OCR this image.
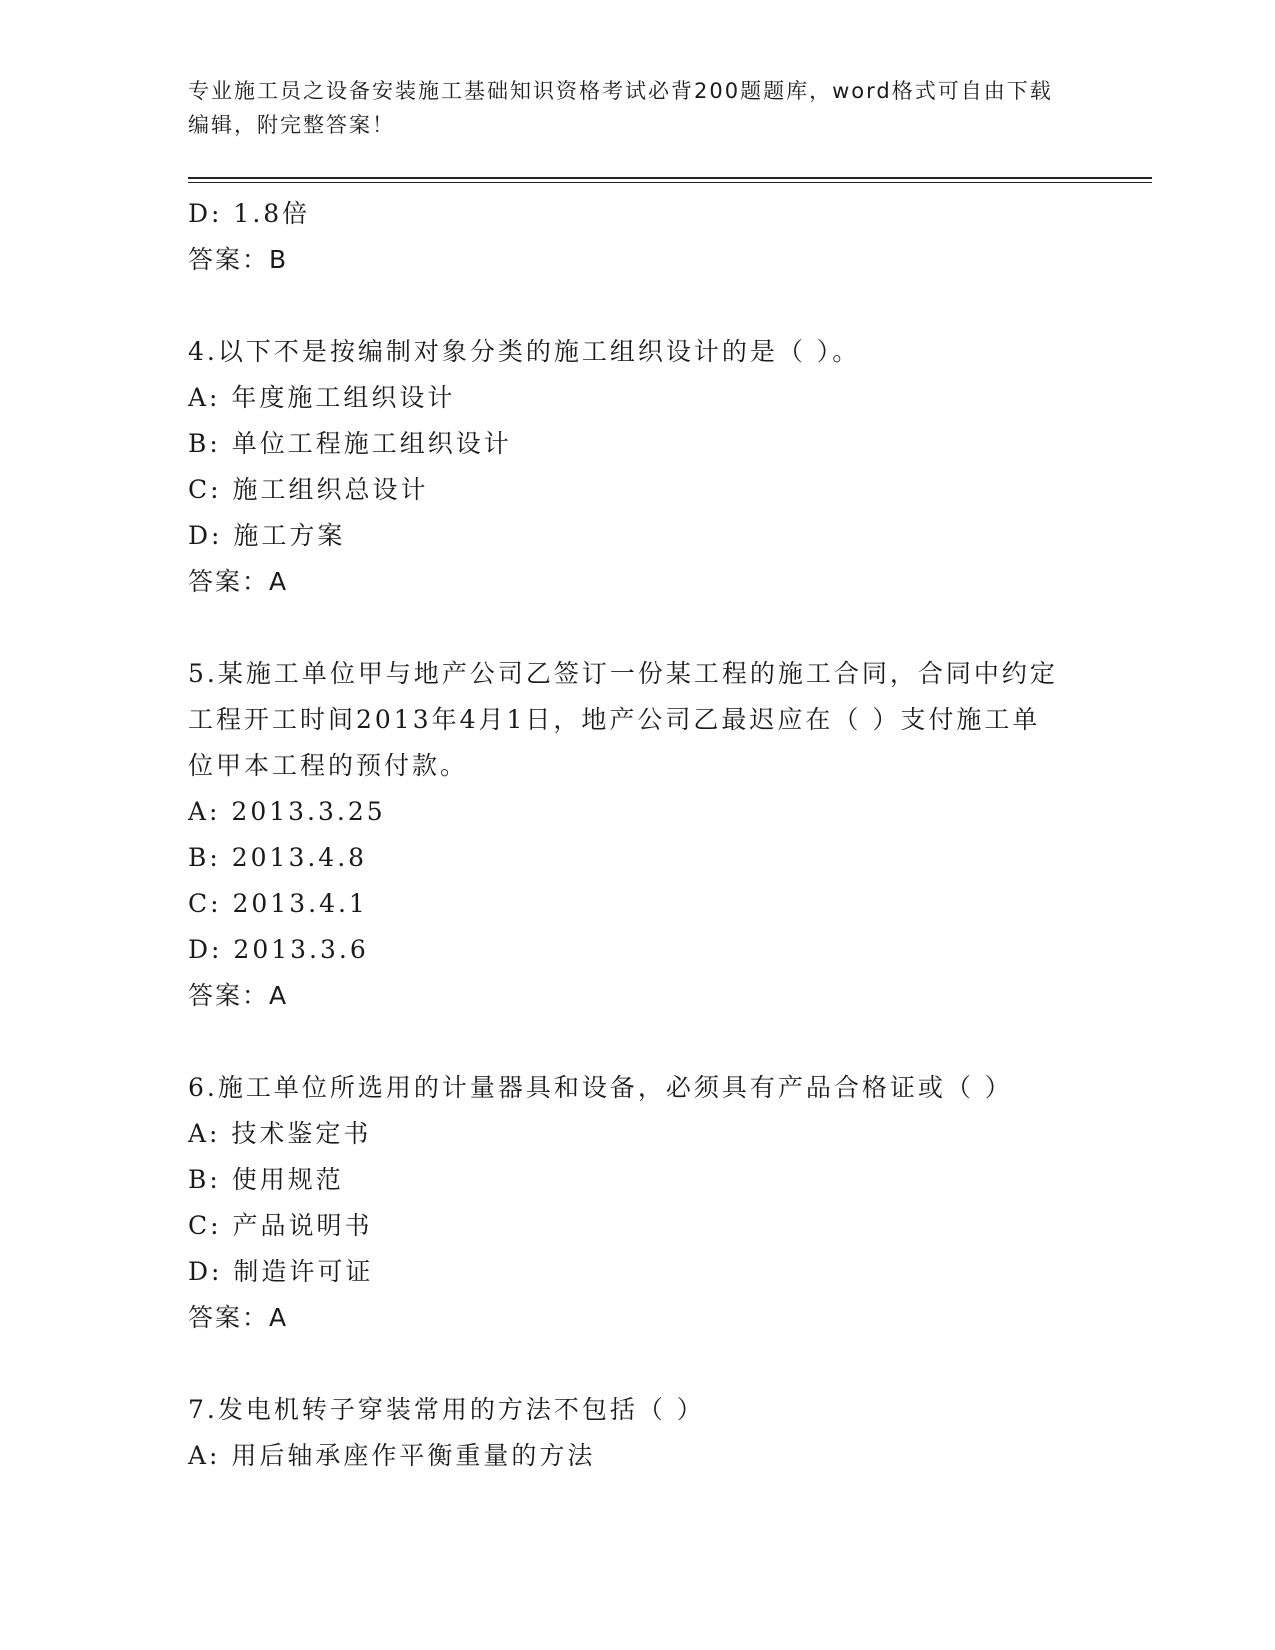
专业施工员之设备安装施工基础知识资格考试必背200题题库，word格式可自由下载编辑，附完整答案！
D: 1.8倍
答案：B
4.以下不是按编制对象分类的施工组织设计的是（ ）。
A: 年度施工组织设计
B: 单位工程施工组织设计
C: 施工组织总设计
D: 施工方案
答案：A
5.某施工单位甲与地产公司乙签订一份某工程的施工合同，合同中约定工程开工时间2013年4月1日，地产公司乙最迟应在（ ）支付施工单位甲本工程的预付款。
A: 2013.3.25
B: 2013.4.8
C: 2013.4.1
D: 2013.3.6
答案：A
6.施工单位所选用的计量器具和设备，必须具有产品合格证或（ ）
A: 技术鉴定书
B: 使用规范
C: 产品说明书
D: 制造许可证
答案：A
7.发电机转子穿装常用的方法不包括（ ）
A: 用后轴承座作平衡重量的方法
